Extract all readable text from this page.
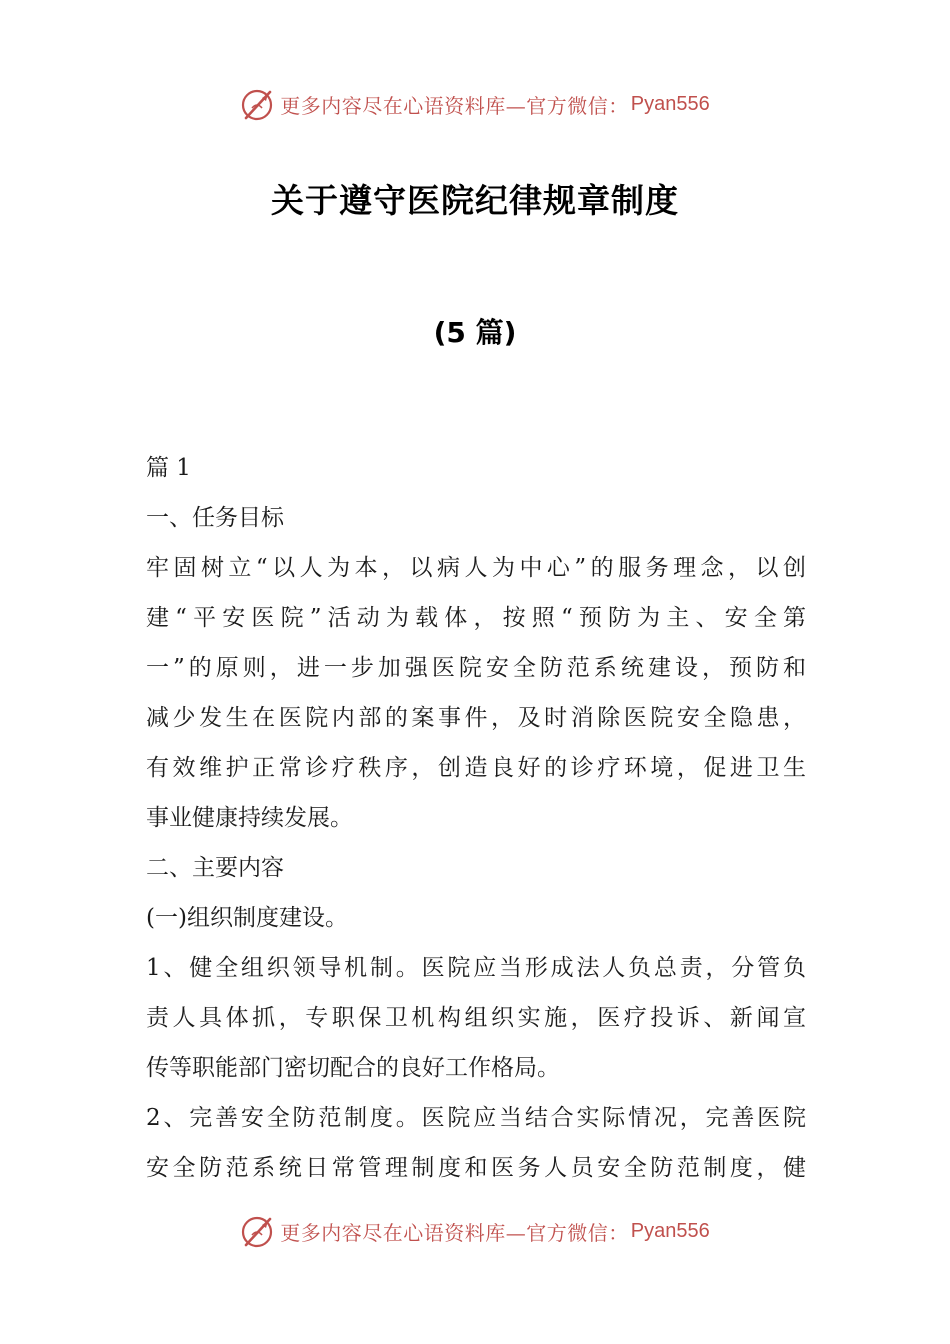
更多内容尽在心语资料库—官方微信： Pyan556
关于遵守医院纪律规章制度
(5 篇)
篇 1
一、任务目标
牢固树立“以人为本，以病人为中心”的服务理念，以创
建“平安医院”活动为载体，按照“预防为主、安全第
一”的原则，进一步加强医院安全防范系统建设，预防和
减少发生在医院内部的案事件，及时消除医院安全隐患，
有效维护正常诊疗秩序，创造良好的诊疗环境，促进卫生
事业健康持续发展。
二、主要内容
(一)组织制度建设。
1、健全组织领导机制。医院应当形成法人负总责，分管负
责人具体抓，专职保卫机构组织实施，医疗投诉、新闻宣
传等职能部门密切配合的良好工作格局。
2、完善安全防范制度。医院应当结合实际情况，完善医院
安全防范系统日常管理制度和医务人员安全防范制度，健
更多内容尽在心语资料库—官方微信： Pyan556
